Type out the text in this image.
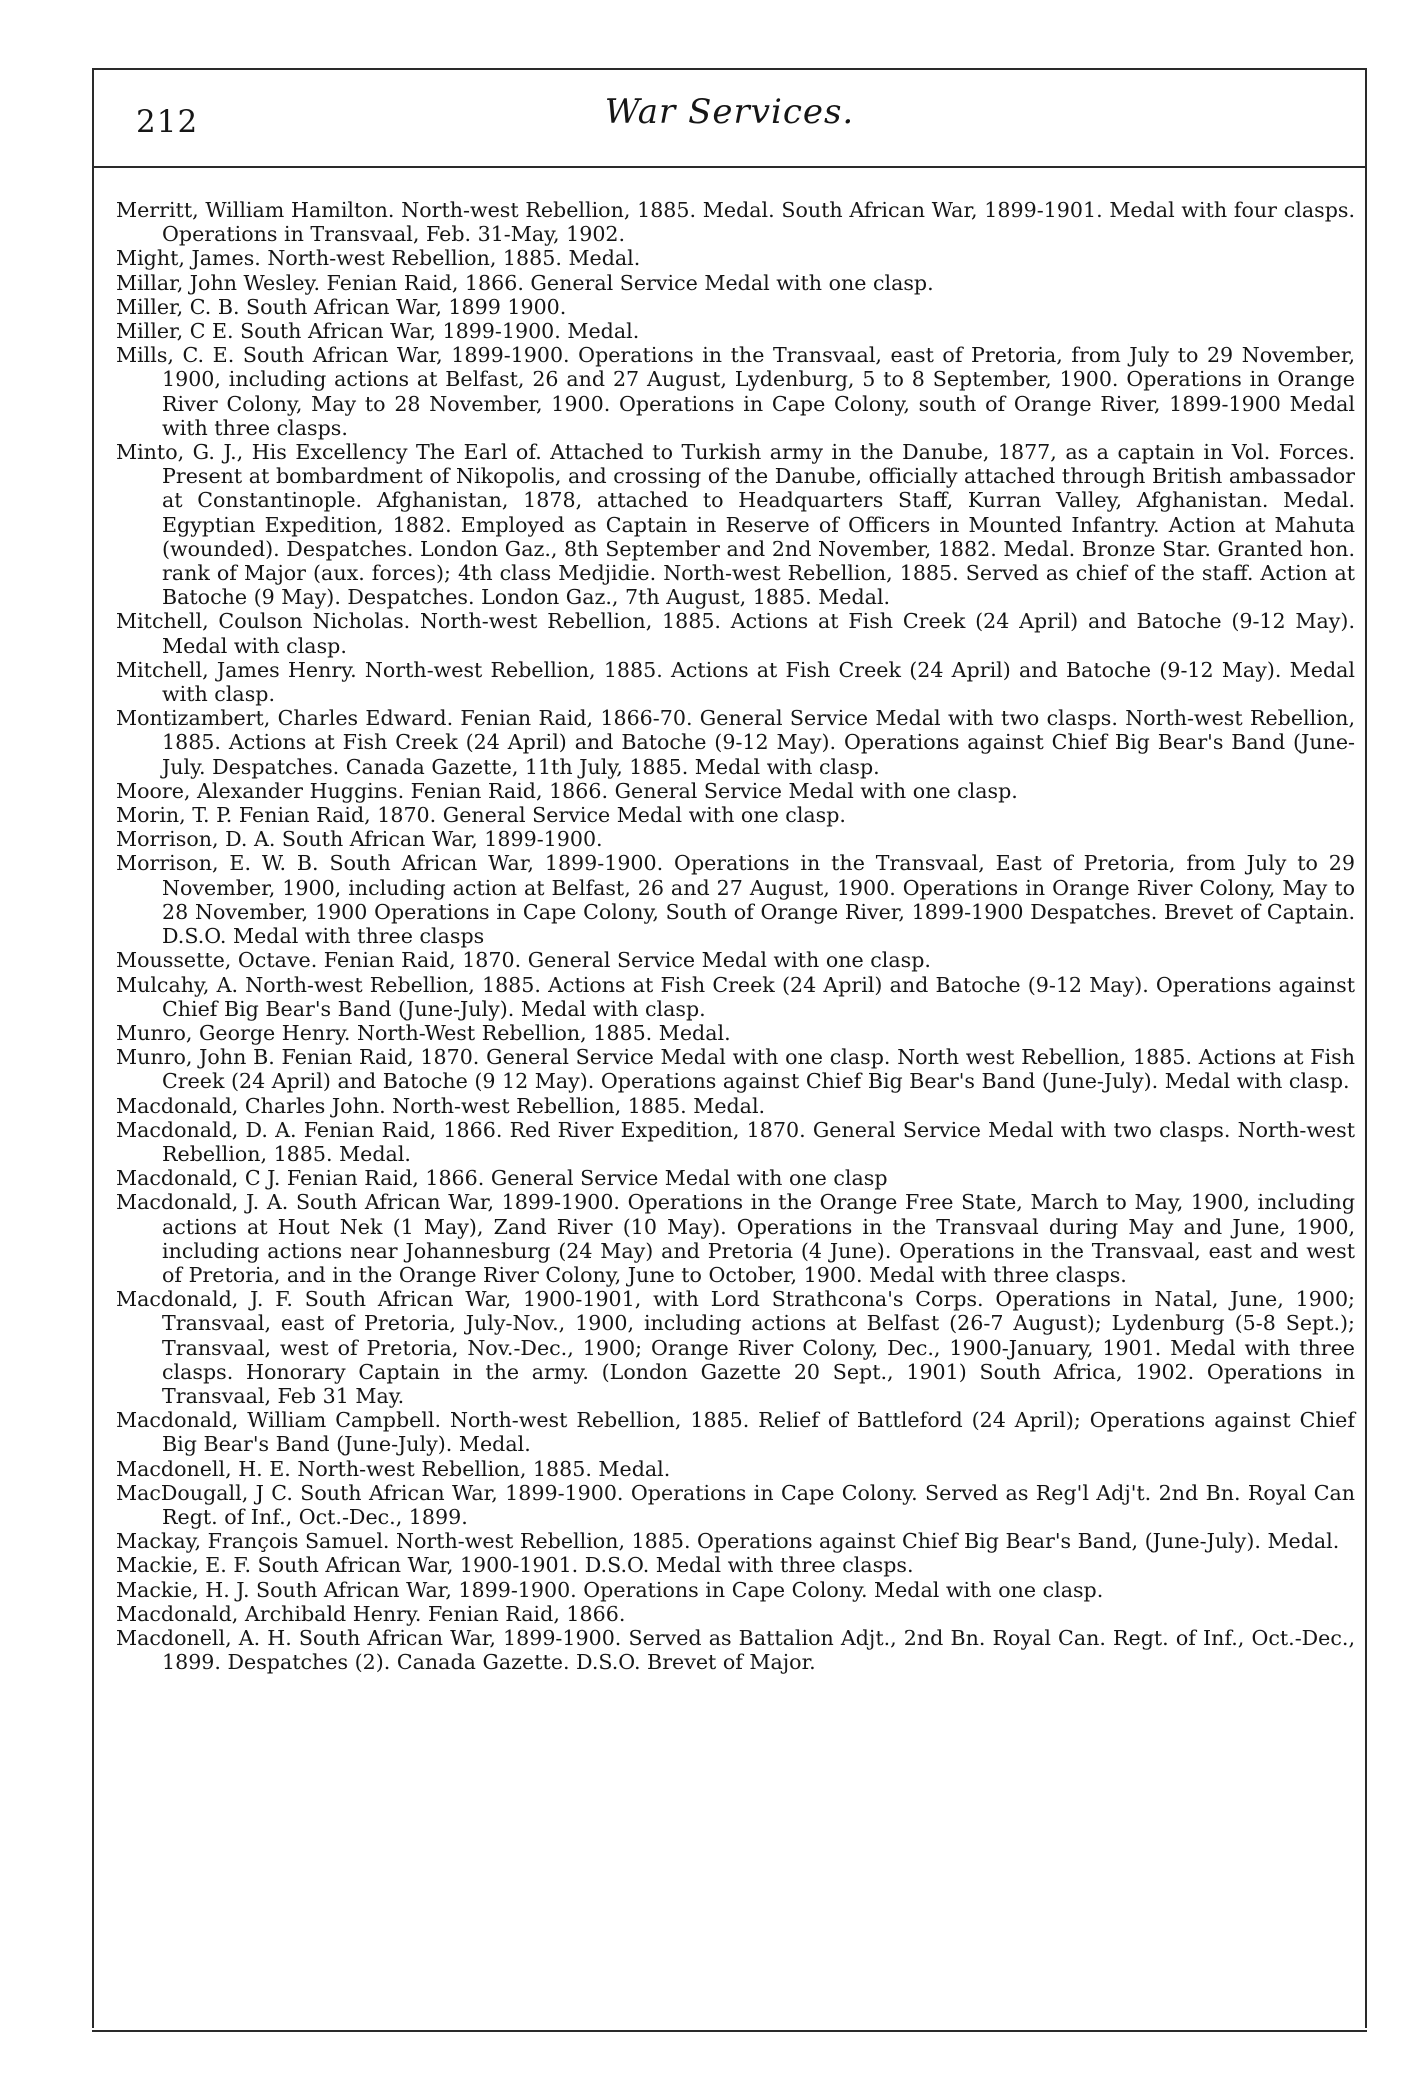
212	War Services.

Merritt, William Hamilton. North-west Rebellion, 1885. Medal. South African War, 1899-1901. Medal with four clasps. Operations in Transvaal, Feb. 31-May, 1902.

Might, James. North-west Rebellion, 1885. Medal.

Millar, John Wesley. Fenian Raid, 1866. General Service Medal with one clasp.

Miller, C. B. South African War, 1899 1900.

Miller, C E. South African War, 1899-1900. Medal.

Mills, C. E. South African War, 1899-1900. Operations in the Transvaal, east of Pretoria, from July to 29 November, 1900, including actions at Belfast, 26 and 27 August, Lydenburg, 5 to 8 September, 1900. Operations in Orange River Colony, May to 28 November, 1900. Operations in Cape Colony, south of Orange River, 1899-1900 Medal with three clasps.

Minto, G. J., His Excellency The Earl of. Attached to Turkish army in the Danube, 1877, as a captain in Vol. Forces. Present at bombardment of Nikopolis, and crossing of the Danube, officially attached through British ambassador at Constantinople. Afghanistan, 1878, attached to Headquarters Staff, Kurran Valley, Afghanistan. Medal. Egyptian Expedition, 1882. Employed as Captain in Reserve of Officers in Mounted Infantry. Action at Mahuta (wounded). Despatches. London Gaz., 8th September and 2nd November, 1882. Medal. Bronze Star. Granted hon. rank of Major (aux. forces); 4th class Medjidie. North-west Rebellion, 1885. Served as chief of the staff. Action at Batoche (9 May). Despatches. London Gaz., 7th August, 1885. Medal.

Mitchell, Coulson Nicholas. North-west Rebellion, 1885. Actions at Fish Creek (24 April) and Batoche (9-12 May). Medal with clasp.

Mitchell, James Henry. North-west Rebellion, 1885. Actions at Fish Creek (24 April) and Batoche (9-12 May). Medal with clasp.

Montizambert, Charles Edward. Fenian Raid, 1866-70. General Service Medal with two clasps. North-west Rebellion, 1885. Actions at Fish Creek (24 April) and Batoche (9-12 May). Operations against Chief Big Bear's Band (June-July. Despatches. Canada Gazette, 11th July, 1885. Medal with clasp.

Moore, Alexander Huggins. Fenian Raid, 1866. General Service Medal with one clasp.

Morin, T. P. Fenian Raid, 1870. General Service Medal with one clasp.

Morrison, D. A. South African War, 1899-1900.

Morrison, E. W. B. South African War, 1899-1900. Operations in the Transvaal, East of Pretoria, from July to 29 November, 1900, including action at Belfast, 26 and 27 August, 1900. Operations in Orange River Colony, May to 28 November, 1900 Operations in Cape Colony, South of Orange River, 1899-1900 Despatches. Brevet of Captain. D.S.O. Medal with three clasps

Moussette, Octave. Fenian Raid, 1870. General Service Medal with one clasp.

Mulcahy, A. North-west Rebellion, 1885. Actions at Fish Creek (24 April) and Batoche (9-12 May). Operations against Chief Big Bear's Band (June-July). Medal with clasp.

Munro, George Henry. North-West Rebellion, 1885. Medal.

Munro, John B. Fenian Raid, 1870. General Service Medal with one clasp. North west Rebellion, 1885. Actions at Fish Creek (24 April) and Batoche (9 12 May). Operations against Chief Big Bear's Band (June-July). Medal with clasp.

Macdonald, Charles John. North-west Rebellion, 1885. Medal.

Macdonald, D. A. Fenian Raid, 1866. Red River Expedition, 1870. General Service Medal with two clasps. North-west Rebellion, 1885. Medal.

Macdonald, C J. Fenian Raid, 1866. General Service Medal with one clasp

Macdonald, J. A. South African War, 1899-1900. Operations in the Orange Free State, March to May, 1900, including actions at Hout Nek (1 May), Zand River (10 May). Operations in the Transvaal during May and June, 1900, including actions near Johannesburg (24 May) and Pretoria (4 June). Operations in the Transvaal, east and west of Pretoria, and in the Orange River Colony, June to October, 1900. Medal with three clasps.

Macdonald, J. F. South African War, 1900-1901, with Lord Strathcona's Corps. Operations in Natal, June, 1900; Transvaal, east of Pretoria, July-Nov., 1900, including actions at Belfast (26-7 August); Lydenburg (5-8 Sept.); Transvaal, west of Pretoria, Nov.-Dec., 1900; Orange River Colony, Dec., 1900-January, 1901. Medal with three clasps. Honorary Captain in the army. (London Gazette 20 Sept., 1901) South Africa, 1902. Operations in Transvaal, Feb 31 May.

Macdonald, William Campbell. North-west Rebellion, 1885. Relief of Battleford (24 April); Operations against Chief Big Bear's Band (June-July). Medal.

Macdonell, H. E. North-west Rebellion, 1885. Medal.

MacDougall, J C. South African War, 1899-1900. Operations in Cape Colony. Served as Reg'l Adj't. 2nd Bn. Royal Can Regt. of Inf., Oct.-Dec., 1899.

Mackay, François Samuel. North-west Rebellion, 1885. Operations against Chief Big Bear's Band, (June-July). Medal.

Mackie, E. F. South African War, 1900-1901. D.S.O. Medal with three clasps.

Mackie, H. J. South African War, 1899-1900. Operations in Cape Colony. Medal with one clasp.

Macdonald, Archibald Henry. Fenian Raid, 1866.

Macdonell, A. H. South African War, 1899-1900. Served as Battalion Adjt., 2nd Bn. Royal Can. Regt. of Inf., Oct.-Dec., 1899. Despatches (2). Canada Gazette. D.S.O. Brevet of Major.
